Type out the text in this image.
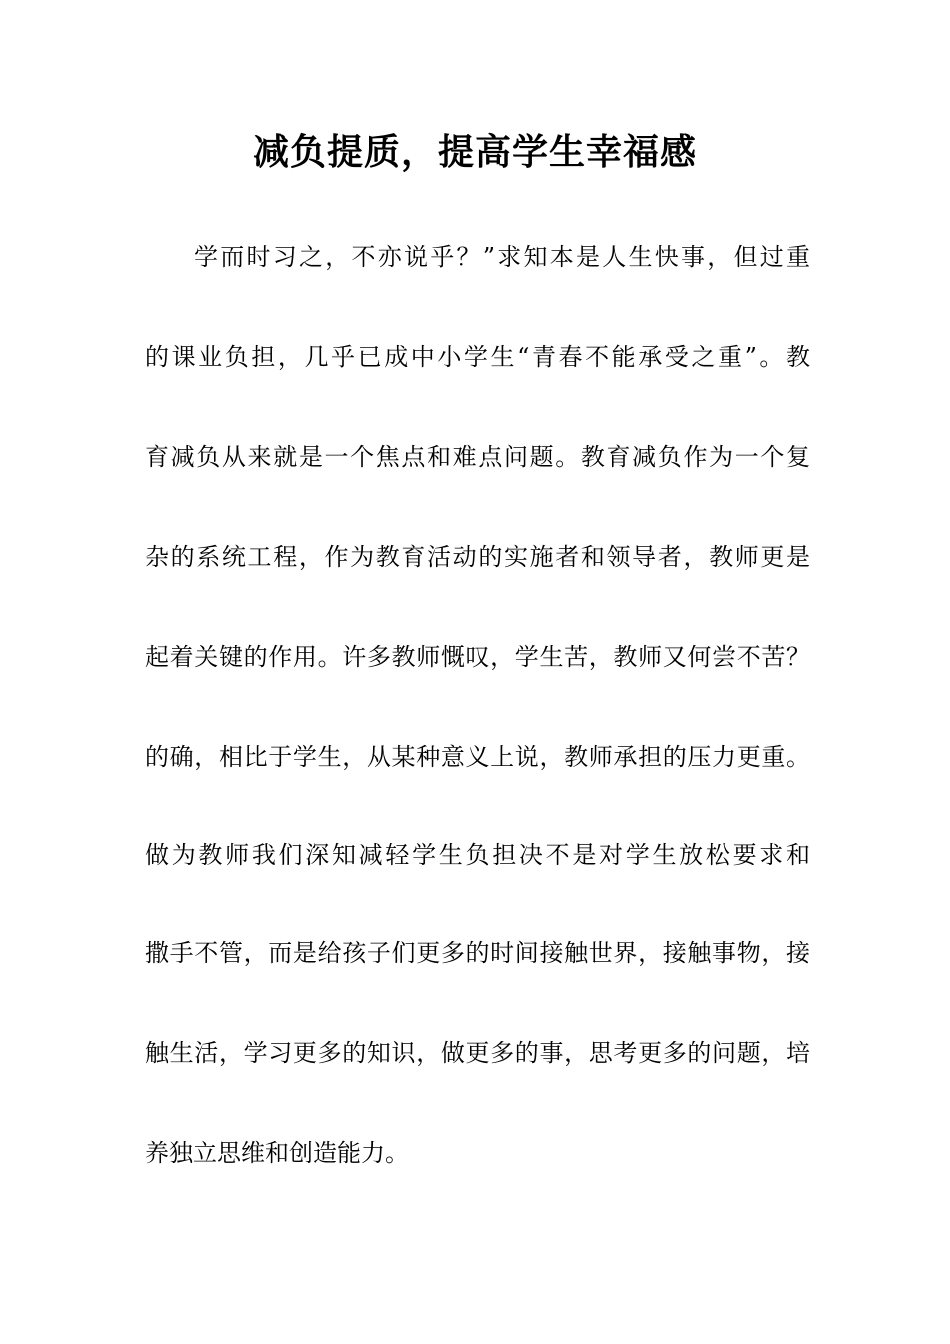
减负提质，提高学生幸福感
学而时习之，不亦说乎？”求知本是人生快事，但过重
的课业负担，几乎已成中小学生“青春不能承受之重”。教
育减负从来就是一个焦点和难点问题。教育减负作为一个复
杂的系统工程，作为教育活动的实施者和领导者，教师更是
起着关键的作用。许多教师慨叹，学生苦，教师又何尝不苦？
的确，相比于学生，从某种意义上说，教师承担的压力更重。
做为教师我们深知减轻学生负担决不是对学生放松要求和
撒手不管，而是给孩子们更多的时间接触世界，接触事物，接
触生活，学习更多的知识，做更多的事，思考更多的问题，培
养独立思维和创造能力。
